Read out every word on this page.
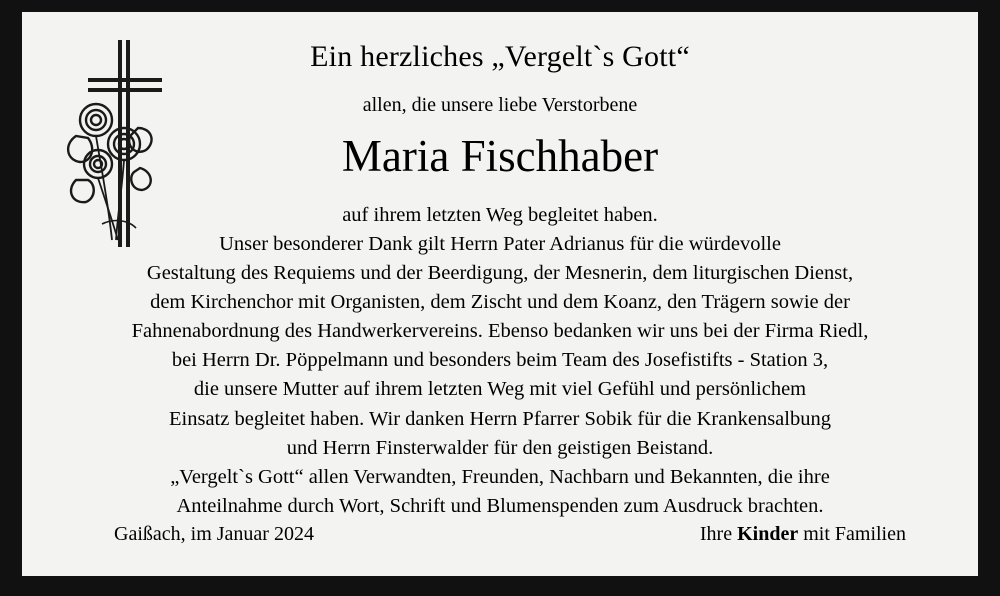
Ein herzliches „Vergelt`s Gott“
allen, die unsere liebe Verstorbene
Maria Fischhaber
auf ihrem letzten Weg begleitet haben.
Unser besonderer Dank gilt Herrn Pater Adrianus für die würdevolle
Gestaltung des Requiems und der Beerdigung, der Mesnerin, dem liturgischen Dienst,
dem Kirchenchor mit Organisten, dem Zischt und dem Koanz, den Trägern sowie der
Fahnenabordnung des Handwerkervereins. Ebenso bedanken wir uns bei der Firma Riedl,
bei Herrn Dr. Pöppelmann und besonders beim Team des Josefistifts - Station 3,
die unsere Mutter auf ihrem letzten Weg mit viel Gefühl und persönlichem
Einsatz begleitet haben. Wir danken Herrn Pfarrer Sobik für die Krankensalbung
und Herrn Finsterwalder für den geistigen Beistand.
„Vergelt`s Gott“ allen Verwandten, Freunden, Nachbarn und Bekannten, die ihre
Anteilnahme durch Wort, Schrift und Blumenspenden zum Ausdruck brachten.
Gaißach, im Januar 2024	Ihre Kinder mit Familien
